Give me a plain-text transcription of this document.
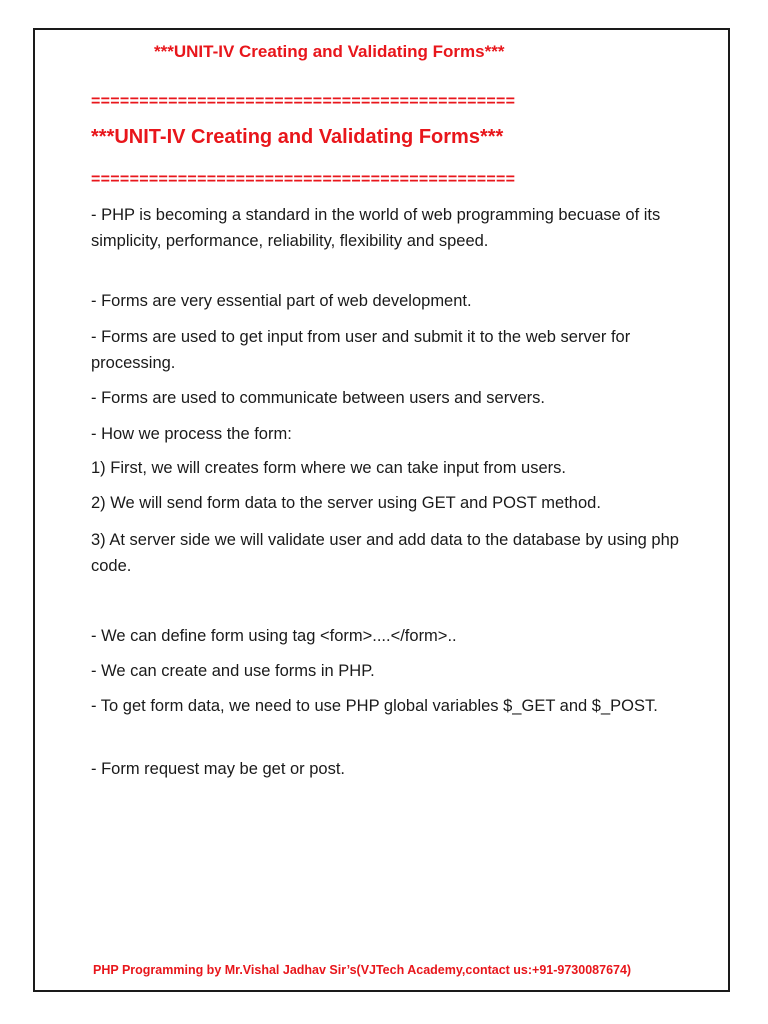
***UNIT-IV Creating and Validating Forms***
============================================
***UNIT-IV Creating and Validating Forms***
============================================
- PHP is becoming a standard in the world of web programming becuase of its simplicity, performance, reliability, flexibility and speed.
- Forms are very essential part of web development.
- Forms are used to get input from user and submit it to the web server for processing.
- Forms are used to communicate between users and servers.
- How we process the form:
1) First, we will creates form where we can take input from users.
2) We will send form data to the server using GET and POST method.
3) At server side we will validate user and add data to the database by using php code.
- We can define form using tag <form>....</form>..
- We can create and use forms in PHP.
- To get form data, we need to use PHP global variables $_GET and $_POST.
- Form request may be get or post.
PHP Programming by Mr.Vishal Jadhav Sir’s(VJTech Academy,contact us:+91-9730087674)
